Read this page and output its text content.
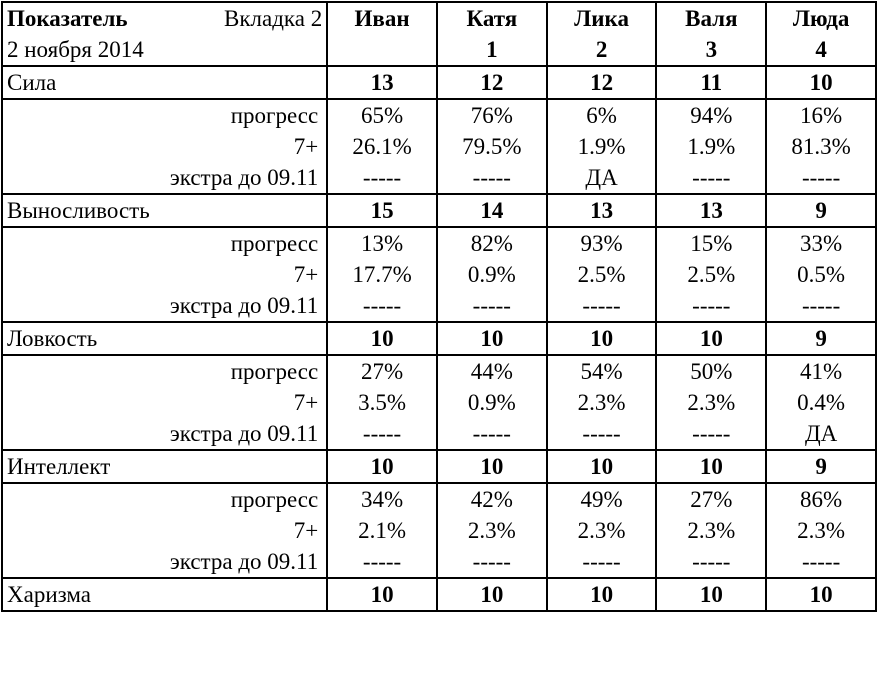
Показатель Вкладка 2	Иван	Катя	Лика	Валя	Люда
2 ноября 2014		1	2	3	4
Сила	13	12	12	11	10
прогресс	65%	76%	6%	94%	16%
7+	26.1%	79.5%	1.9%	1.9%	81.3%
экстра до 09.11	-----	-----	ДА	-----	-----
Выносливость	15	14	13	13	9
прогресс	13%	82%	93%	15%	33%
7+	17.7%	0.9%	2.5%	2.5%	0.5%
экстра до 09.11	-----	-----	-----	-----	-----
Ловкость	10	10	10	10	9
прогресс	27%	44%	54%	50%	41%
7+	3.5%	0.9%	2.3%	2.3%	0.4%
экстра до 09.11	-----	-----	-----	-----	ДА
Интеллект	10	10	10	10	9
прогресс	34%	42%	49%	27%	86%
7+	2.1%	2.3%	2.3%	2.3%	2.3%
экстра до 09.11	-----	-----	-----	-----	-----
Харизма	10	10	10	10	10
